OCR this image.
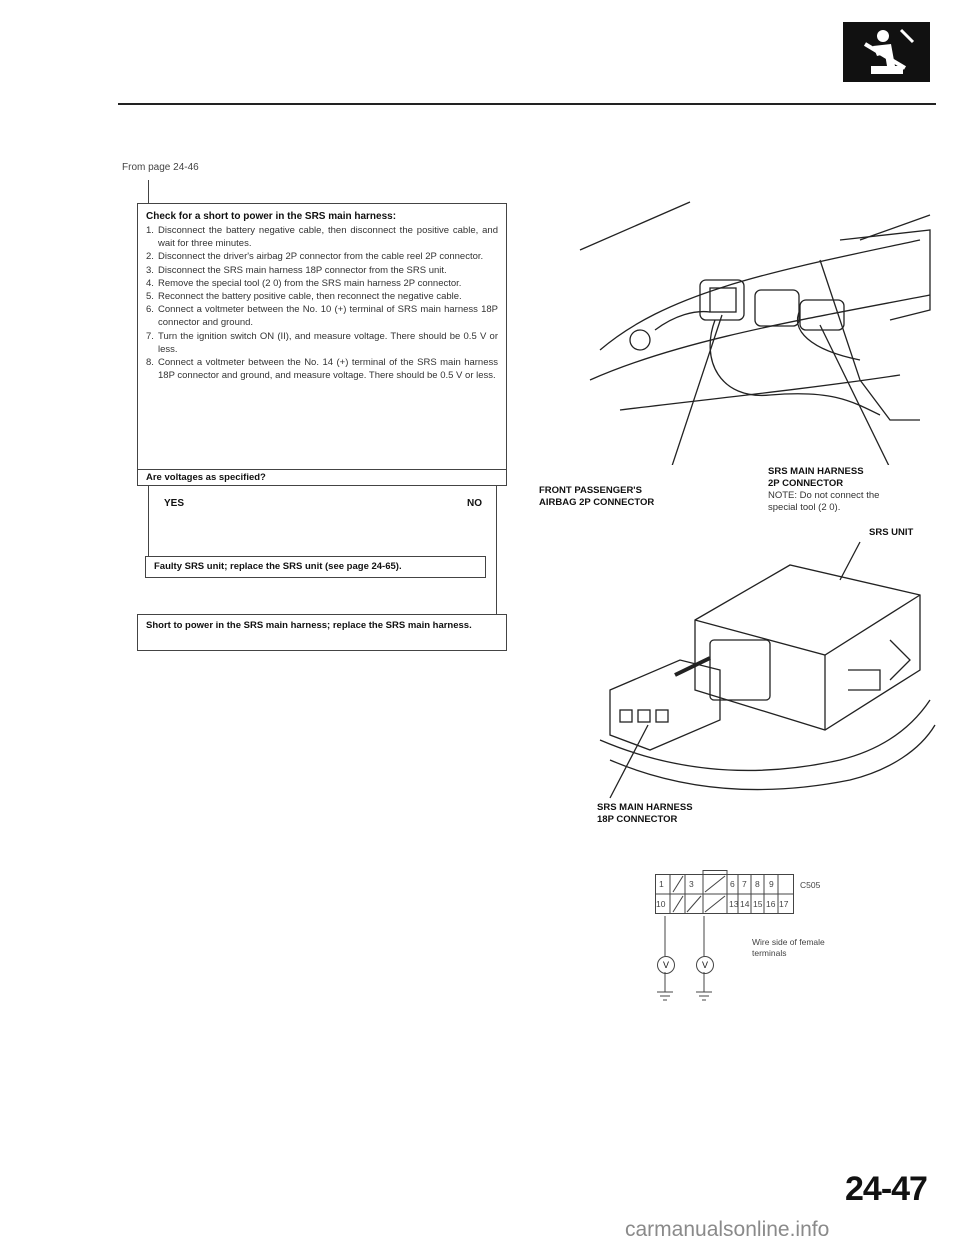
From page 24-46
Check for a short to power in the SRS main harness:
1. Disconnect the battery negative cable, then disconnect the positive cable, and wait for three minutes.
2. Disconnect the driver's airbag 2P connector from the cable reel 2P connector.
3. Disconnect the SRS main harness 18P connector from the SRS unit.
4. Remove the special tool (2 0) from the SRS main harness 2P connector.
5. Reconnect the battery positive cable, then reconnect the negative cable.
6. Connect a voltmeter between the No. 10 (+) terminal of SRS main harness 18P connector and ground.
7. Turn the ignition switch ON (II), and measure voltage. There should be 0.5 V or less.
8. Connect a voltmeter between the No. 14 (+) terminal of the SRS main harness 18P connector and ground, and measure voltage. There should be 0.5 V or less.
Are voltages as specified?
YES	NO
Faulty SRS unit; replace the SRS unit (see page 24-65).
Short to power in the SRS main harness; replace the SRS main harness.
FRONT PASSENGER'S
AIRBAG 2P CONNECTOR
SRS MAIN HARNESS
2P CONNECTOR
NOTE: Do not connect the
special tool (2 0).
SRS UNIT
SRS MAIN HARNESS
18P CONNECTOR
1	3	6 7 8 9
10	13 14 15 16 17
C505
V	V
Wire side of female
terminals
24-47
carmanualsonline.info
